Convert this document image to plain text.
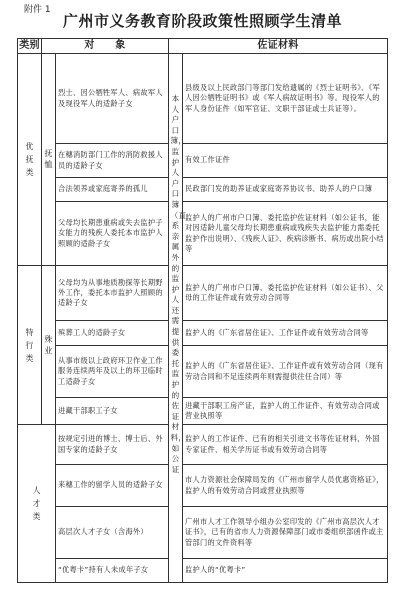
附件 1
广州市义务教育阶段政策性照顾学生清单
类别	对　　象		佐证材料	
优抚类	抚恤	烈士、因公牺牲军人、病故军人及现役军人的适龄子女	本人户口簿，监护人户口簿（直系亲属外的监护人还需提供委托监护的佐证材料，如公证	县级及以上民政部门等部门发给遗属的《烈士证明书》、《军人因公牺牲证明书》或《军人病故证明书》等。现役军人的军人身份证件（如军官证、文职干部证或士兵证等）。
		在穗消防部门工作的消防救援人员的适龄子女		有效工作证件
		合法领养或家庭寄养的孤儿		民政部门发的助养证或家庭寄养协议书、助养人的户口簿
		父母均长期患重病或失去监护子女能力的残疾人委托本市监护人照顾的适龄子女		监护人的广州市户口簿、委托监护佐证材料（如公证书，能对因适龄儿童父母均长期患重病或残疾失去监护能力需委托监护作出说明）、《残疾人证》、疾病诊断书、病历或出院小结等
特行类	殊业	父母均为从事地质勘探等长期野外工作，委托本市监护人照顾的适龄子女		监护人的广州市户口簿、委托监护佐证材料（如公证书）、父母的工作证件或有效劳动合同等
		殡葬工人的适龄子女		监护人的《广东省居住证》、工作证件或有效劳动合同等
		从事市级以上政府环卫作业工作服务连续两年及以上的环卫临时工适龄子女		监护人的《广东省居住证》、工作证件或有效劳动合同（现有劳动合同和不足连续两年则需提供往任合同）等
		进藏干部职工子女		进藏干部职工房产证，监护人的工作证件、有效劳动合同或营业执照等
人才类		按规定引进的博士、博士后、外国专家的适龄子女		监护人的工作证件、已有的相关引进文书等佐证材料，外国专家证件、相关学历证书或有效劳动合同等
		来穗工作的留学人员的适龄子女		市人力资源社会保障局发的《广州市留学人员优惠资格证》，监护人的有效劳动合同或营业执照等
		高层次人才子女（含海外）		广州市人才工作领导小组办公室印发的《广州市高层次人才证书》，已有的省市人力资源保障部门或市委组织部函件或主管部门的文件资料等
		“优粤卡”持有人未成年子女		监护人的“优粤卡”
